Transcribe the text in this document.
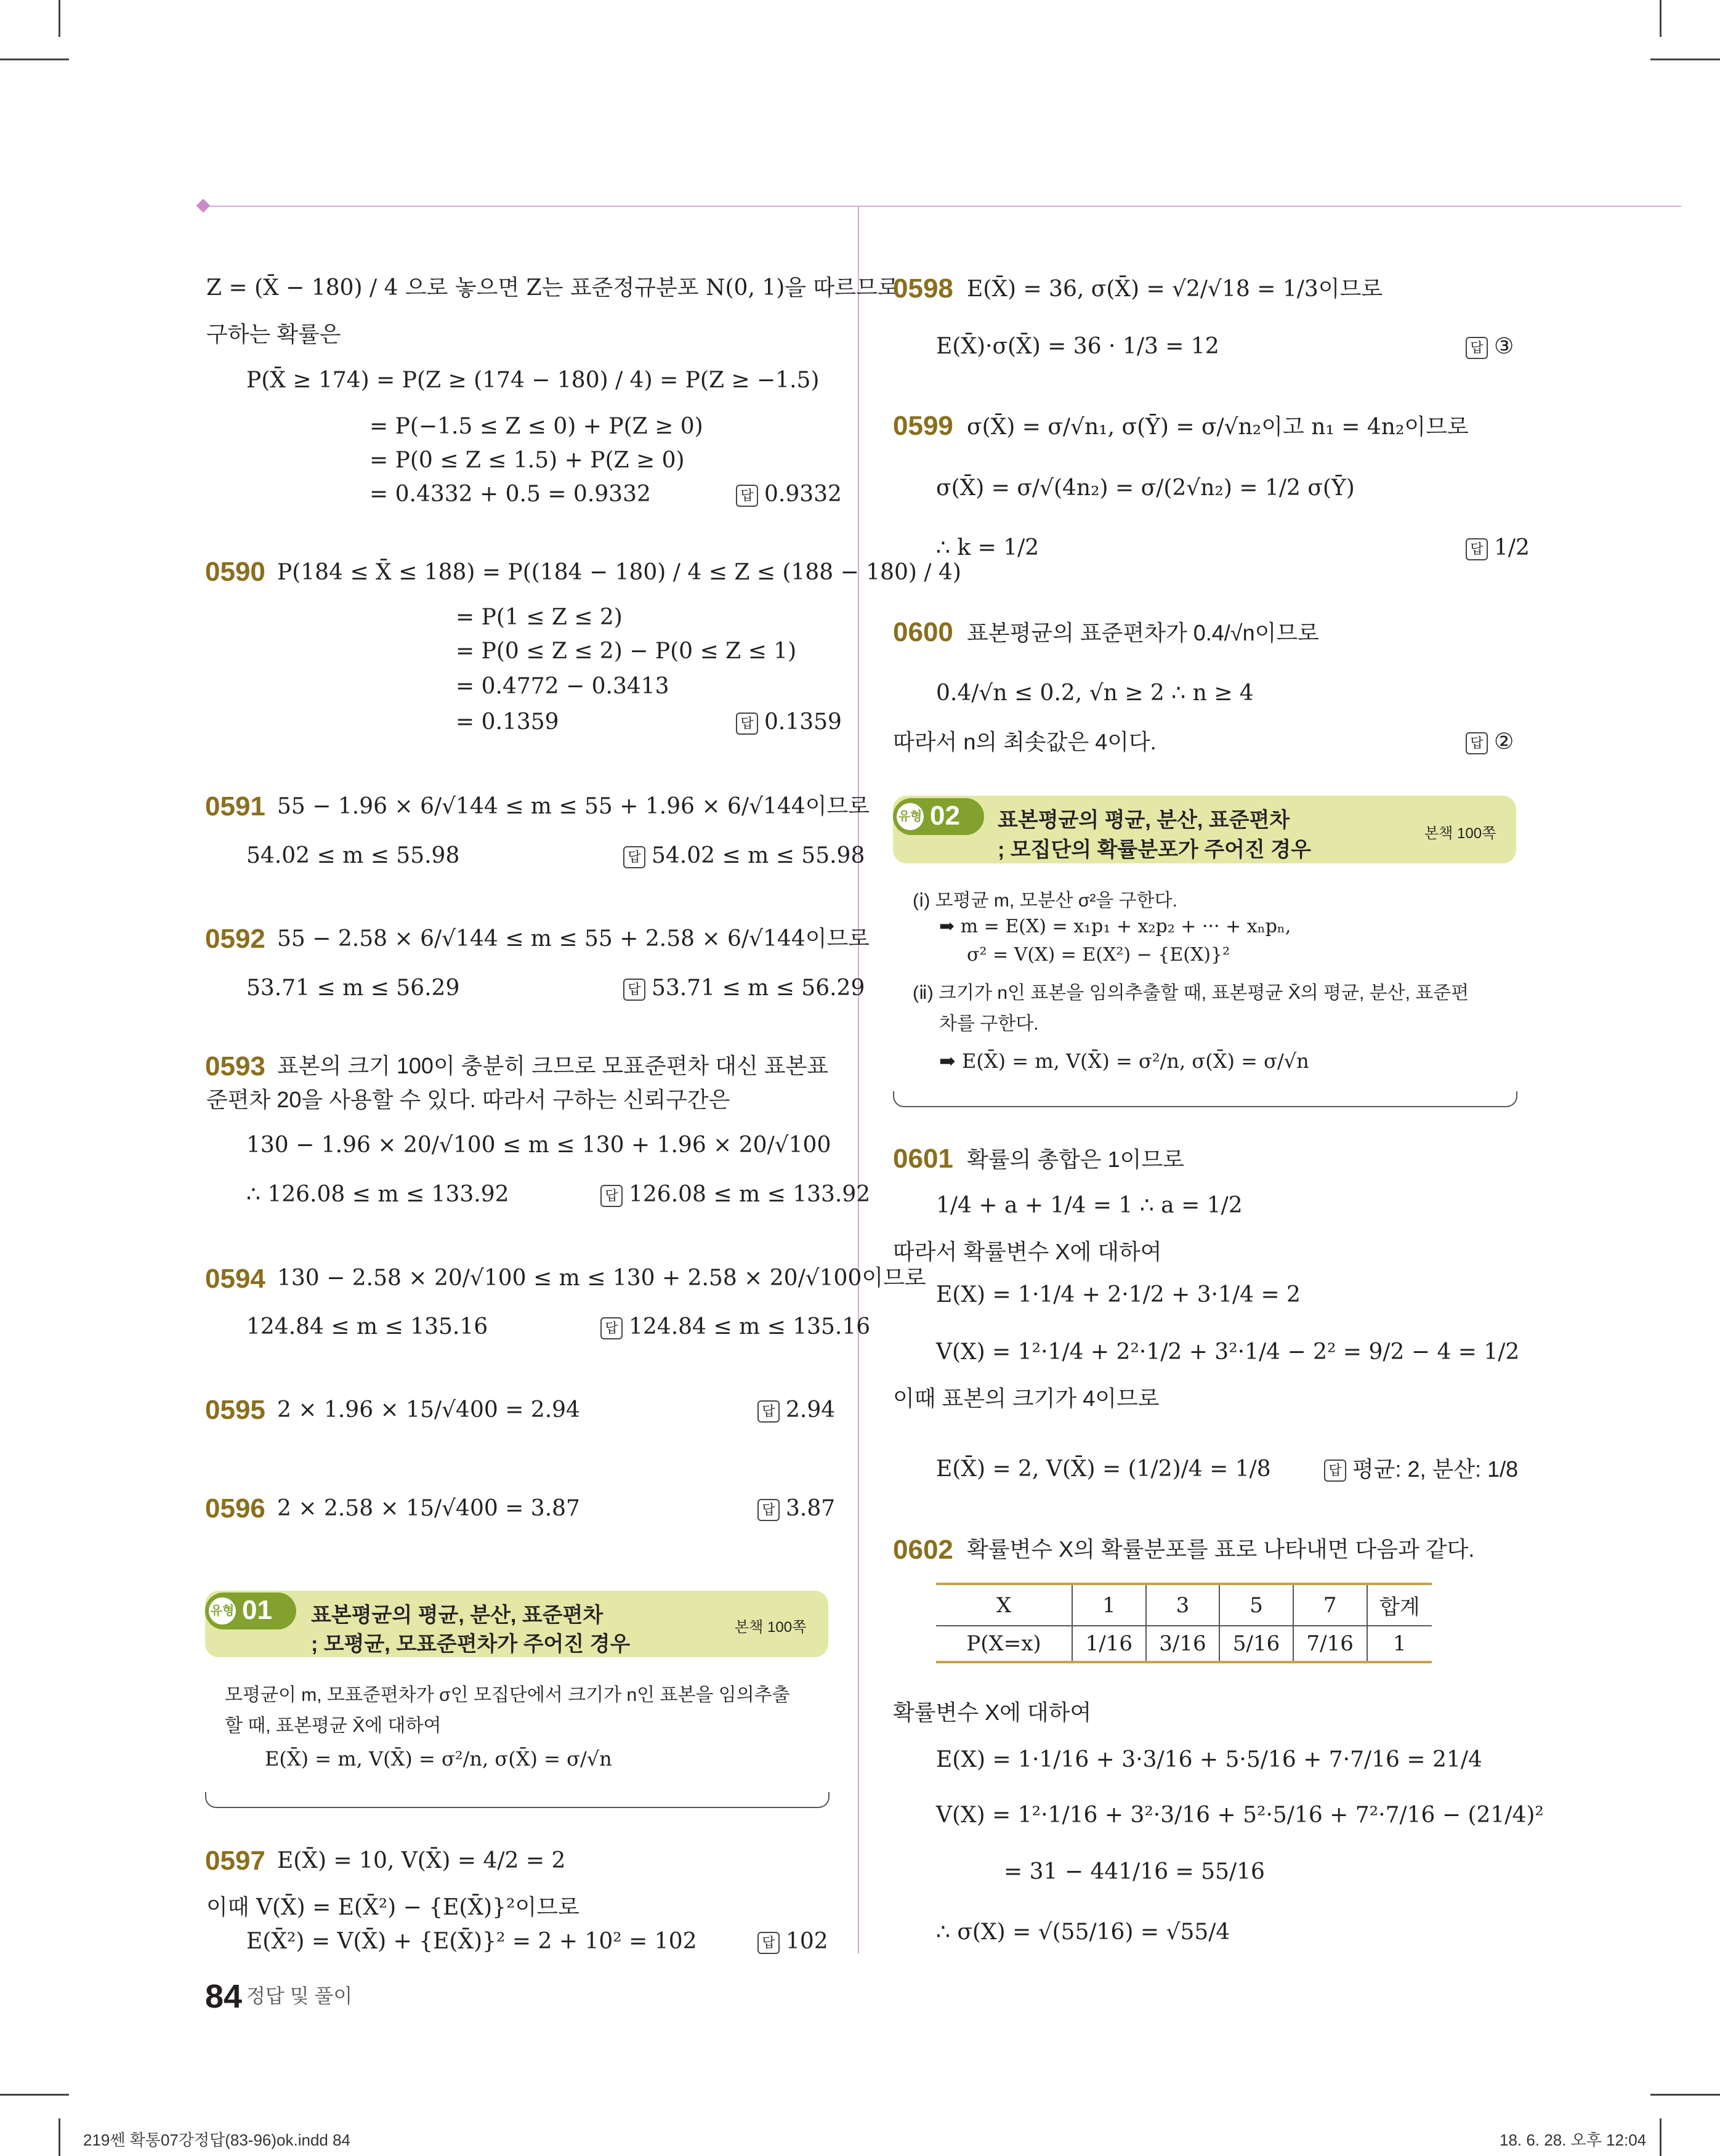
Z = (X̄ − 180) / 4 으로 놓으면 Z는 표준정규분포 N(0, 1)을 따르므로
구하는 확률은
P(X̄ ≥ 174) = P(Z ≥ (174 − 180) / 4) = P(Z ≥ −1.5)
= P(−1.5 ≤ Z ≤ 0) + P(Z ≥ 0)
= P(0 ≤ Z ≤ 1.5) + P(Z ≥ 0)
= 0.4332 + 0.5 = 0.9332	답 0.9332
0590 P(184 ≤ X̄ ≤ 188) = P((184 − 180) / 4 ≤ Z ≤ (188 − 180) / 4)
= P(1 ≤ Z ≤ 2)
= P(0 ≤ Z ≤ 2) − P(0 ≤ Z ≤ 1)
= 0.4772 − 0.3413
= 0.1359	답 0.1359
0591 55 − 1.96 × 6/√144 ≤ m ≤ 55 + 1.96 × 6/√144이므로
54.02 ≤ m ≤ 55.98	답 54.02 ≤ m ≤ 55.98
0592 55 − 2.58 × 6/√144 ≤ m ≤ 55 + 2.58 × 6/√144이므로
53.71 ≤ m ≤ 56.29	답 53.71 ≤ m ≤ 56.29
0593 표본의 크기 100이 충분히 크므로 모표준편차 대신 표본표
준편차 20을 사용할 수 있다. 따라서 구하는 신뢰구간은
130 − 1.96 × 20/√100 ≤ m ≤ 130 + 1.96 × 20/√100
∴ 126.08 ≤ m ≤ 133.92	답 126.08 ≤ m ≤ 133.92
0594 130 − 2.58 × 20/√100 ≤ m ≤ 130 + 2.58 × 20/√100이므로
124.84 ≤ m ≤ 135.16	답 124.84 ≤ m ≤ 135.16
0595 2 × 1.96 × 15/√400 = 2.94	답 2.94
0596 2 × 2.58 × 15/√400 = 3.87	답 3.87
유형 01 표본평균의 평균, 분산, 표준편차
; 모평균, 모표준편차가 주어진 경우
본책 100쪽
모평균이 m, 모표준편차가 σ인 모집단에서 크기가 n인 표본을 임의추출
할 때, 표본평균 X̄에 대하여
E(X̄) = m, V(X̄) = σ²/n, σ(X̄) = σ/√n
0597 E(X̄) = 10, V(X̄) = 4/2 = 2
이때 V(X̄) = E(X̄²) − {E(X̄)}²이므로
E(X̄²) = V(X̄) + {E(X̄)}² = 2 + 10² = 102	답 102
84 정답 및 풀이
0598 E(X̄) = 36, σ(X̄) = √2/√18 = 1/3이므로
E(X̄)·σ(X̄) = 36 · 1/3 = 12	답 ③
0599 σ(X̄) = σ/√n₁, σ(Ȳ) = σ/√n₂이고 n₁ = 4n₂이므로
σ(X̄) = σ/√(4n₂) = σ/(2√n₂) = 1/2 σ(Ȳ)
∴ k = 1/2	답 1/2
0600 표본평균의 표준편차가 0.4/√n이므로
0.4/√n ≤ 0.2, √n ≥ 2 ∴ n ≥ 4
따라서 n의 최솟값은 4이다.	답 ②
유형 02 표본평균의 평균, 분산, 표준편차
; 모집단의 확률분포가 주어진 경우
본책 100쪽
(ⅰ) 모평균 m, 모분산 σ²을 구한다.
➡ m = E(X) = x₁p₁ + x₂p₂ + ··· + xₙpₙ,
σ² = V(X) = E(X²) − {E(X)}²
(ⅱ) 크기가 n인 표본을 임의추출할 때, 표본평균 X̄의 평균, 분산, 표준편
차를 구한다.
➡ E(X̄) = m, V(X̄) = σ²/n, σ(X̄) = σ/√n
0601 확률의 총합은 1이므로
1/4 + a + 1/4 = 1 ∴ a = 1/2
따라서 확률변수 X에 대하여
E(X) = 1·1/4 + 2·1/2 + 3·1/4 = 2
V(X) = 1²·1/4 + 2²·1/2 + 3²·1/4 − 2² = 9/2 − 4 = 1/2
이때 표본의 크기가 4이므로
E(X̄) = 2, V(X̄) = (1/2)/4 = 1/8	답 평균: 2, 분산: 1/8
0602 확률변수 X의 확률분포를 표로 나타내면 다음과 같다.
X	1	3	5	7	합계
P(X=x)	1/16	3/16	5/16	7/16	1
확률변수 X에 대하여
E(X) = 1·1/16 + 3·3/16 + 5·5/16 + 7·7/16 = 21/4
V(X) = 1²·1/16 + 3²·3/16 + 5²·5/16 + 7²·7/16 − (21/4)²
= 31 − 441/16 = 55/16
∴ σ(X) = √(55/16) = √55/4
219쎈 확통07강정답(83-96)ok.indd 84	18. 6. 28. 오후 12:04
